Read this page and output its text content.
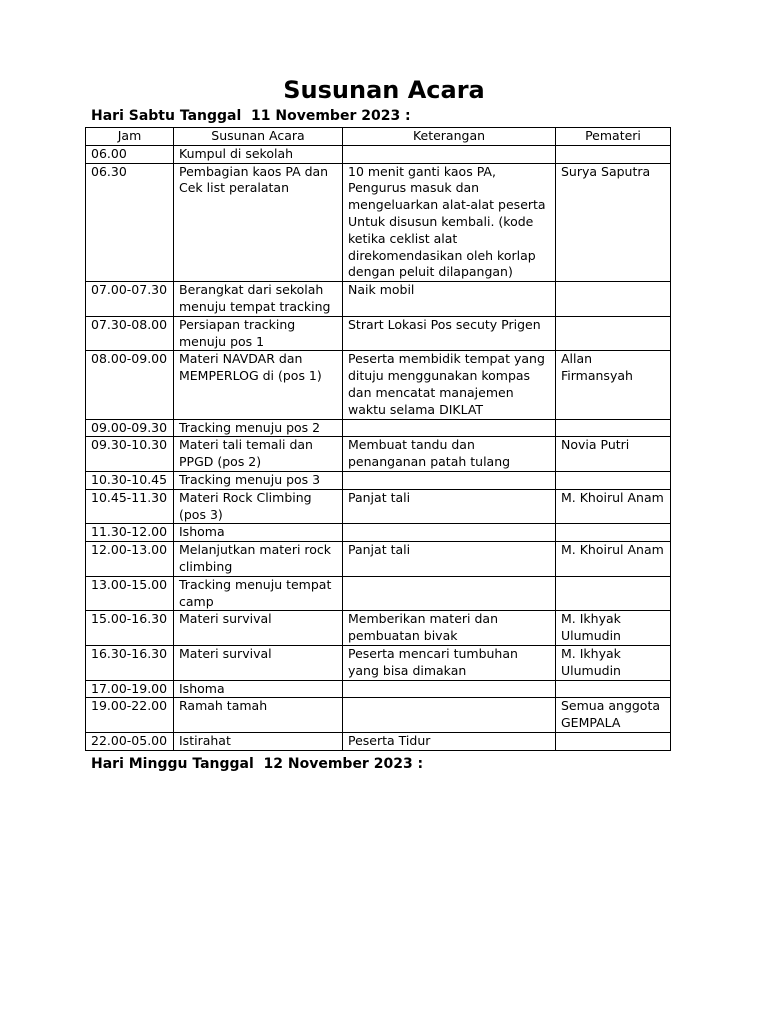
Susunan Acara

Hari Sabtu Tanggal  11 November 2023 :

Jam	Susunan Acara	Keterangan	Pemateri
06.00	Kumpul di sekolah		
06.30	Pembagian kaos PA dan Cek list peralatan	10 menit ganti kaos PA, Pengurus masuk dan mengeluarkan alat-alat peserta Untuk disusun kembali. (kode ketika ceklist alat direkomendasikan oleh korlap dengan peluit dilapangan)	Surya Saputra
07.00-07.30	Berangkat dari sekolah menuju tempat tracking	Naik mobil	
07.30-08.00	Persiapan tracking menuju pos 1	Strart Lokasi Pos secuty Prigen	
08.00-09.00	Materi NAVDAR dan MEMPERLOG di (pos 1)	Peserta membidik tempat yang dituju menggunakan kompas dan mencatat manajemen waktu selama DIKLAT	Allan Firmansyah
09.00-09.30	Tracking menuju pos 2		
09.30-10.30	Materi tali temali dan PPGD (pos 2)	Membuat tandu dan penanganan patah tulang	Novia Putri
10.30-10.45	Tracking menuju pos 3		
10.45-11.30	Materi Rock Climbing (pos 3)	Panjat tali	M. Khoirul Anam
11.30-12.00	Ishoma		
12.00-13.00	Melanjutkan materi rock climbing	Panjat tali	M. Khoirul Anam
13.00-15.00	Tracking menuju tempat camp		
15.00-16.30	Materi survival	Memberikan materi dan pembuatan bivak	M. Ikhyak Ulumudin
16.30-16.30	Materi survival	Peserta mencari tumbuhan yang bisa dimakan	M. Ikhyak Ulumudin
17.00-19.00	Ishoma		
19.00-22.00	Ramah tamah		Semua anggota GEMPALA
22.00-05.00	Istirahat	Peserta Tidur	

Hari Minggu Tanggal  12 November 2023 :
